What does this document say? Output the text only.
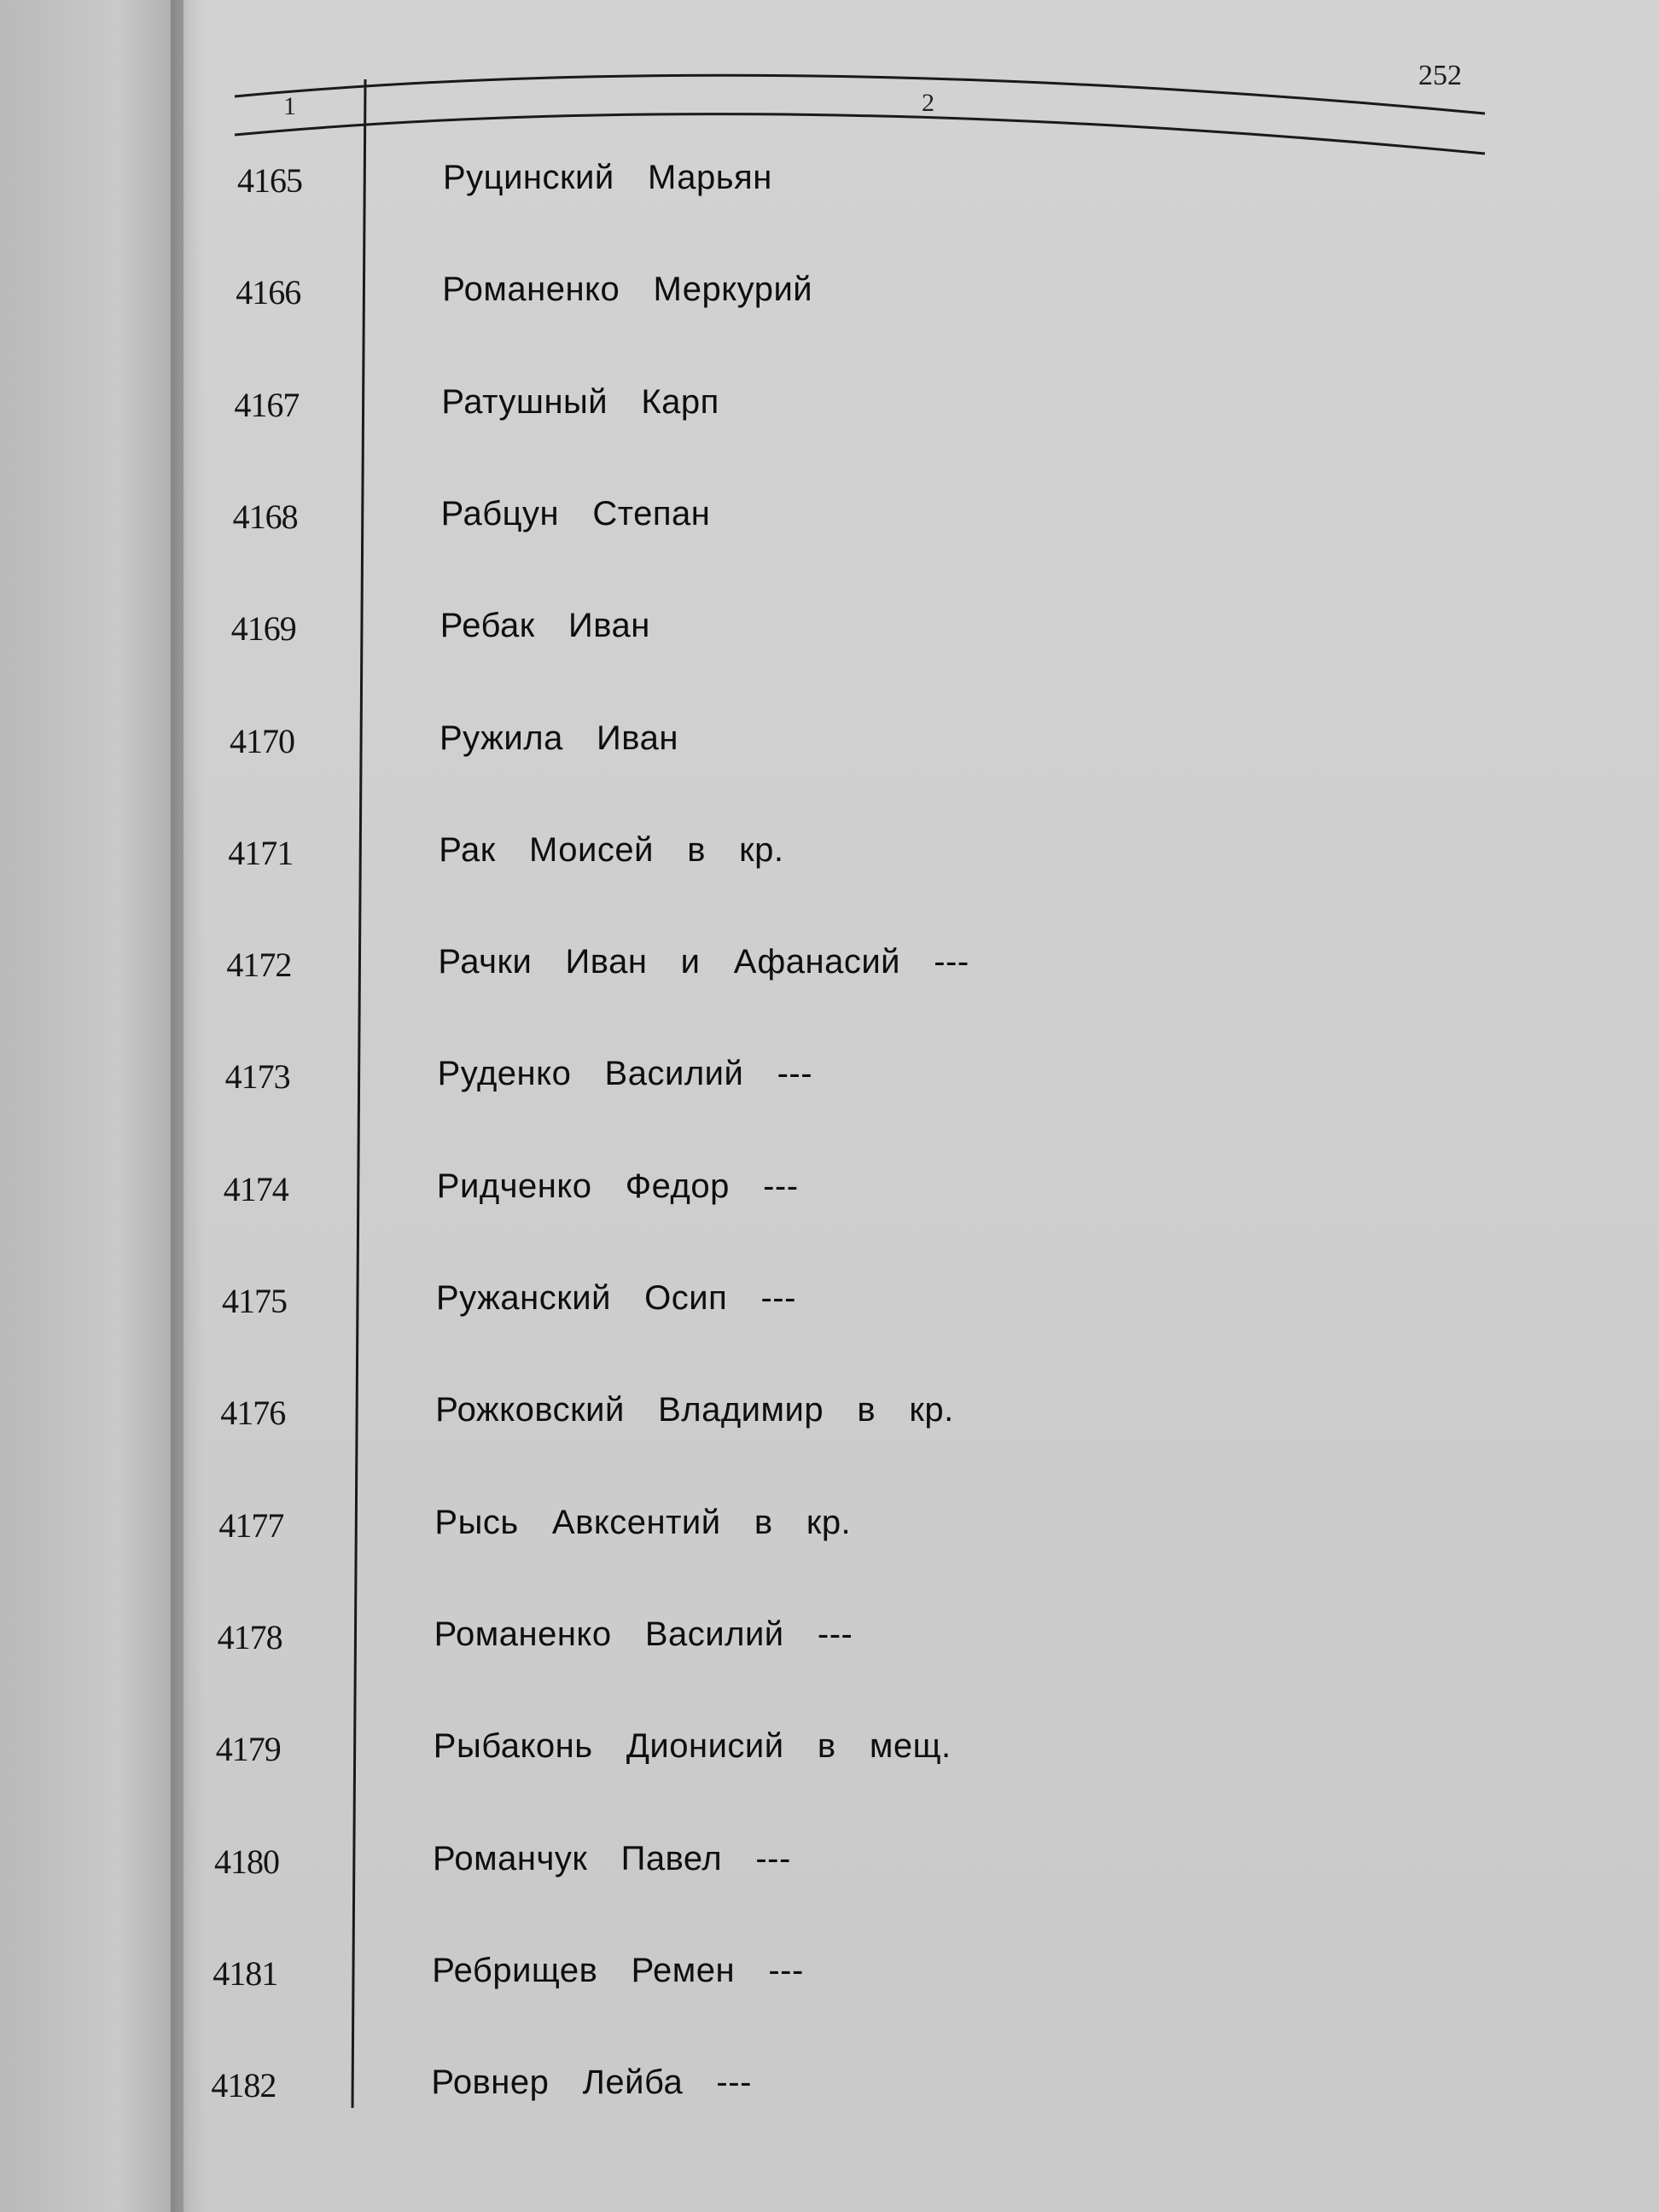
252
1	2
4165	Руцинский  Марьян
4166	Романенко  Меркурий
4167	Ратушный  Карп
4168	Рабцун  Степан
4169	Ребак  Иван
4170	Ружила  Иван
4171	Рак  Моисей  в  кр.
4172	Рачки  Иван  и  Афанасий  ---
4173	Руденко  Василий  ---
4174	Ридченко  Федор  ---
4175	Ружанский  Осип  ---
4176	Рожковский  Владимир  в  кр.
4177	Рысь  Авксентий  в  кр.
4178	Романенко  Василий  ---
4179	Рыбаконь  Дионисий  в  мещ.
4180	Романчук  Павел  ---
4181	Ребрищев  Ремен  ---
4182	Ровнер  Лейба  ---
